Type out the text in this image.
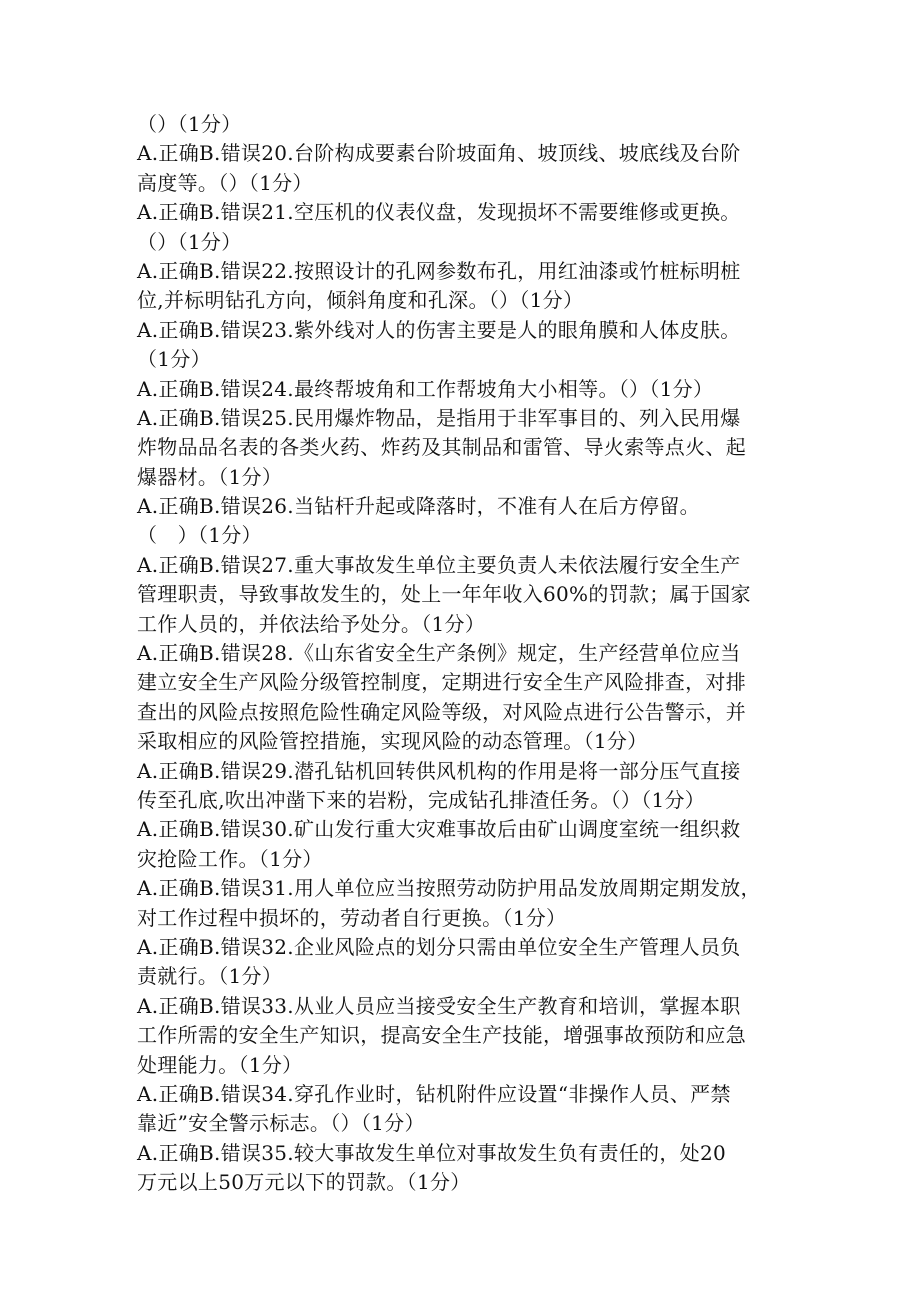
（）（1分）
A.正确B.错误20.台阶构成要素台阶坡面角、坡顶线、坡底线及台阶
高度等。（）（1分）
A.正确B.错误21.空压机的仪表仪盘，发现损坏不需要维修或更换。
（）（1分）
A.正确B.错误22.按照设计的孔网参数布孔，用红油漆或竹桩标明桩
位,并标明钻孔方向，倾斜角度和孔深。（）（1分）
A.正确B.错误23.紫外线对人的伤害主要是人的眼角膜和人体皮肤。
（1分）
A.正确B.错误24.最终帮坡角和工作帮坡角大小相等。（）（1分）
A.正确B.错误25.民用爆炸物品，是指用于非军事目的、列入民用爆
炸物品品名表的各类火药、炸药及其制品和雷管、导火索等点火、起
爆器材。（1分）
A.正确B.错误26.当钻杆升起或降落时，不准有人在后方停留。
（　）（1分）
A.正确B.错误27.重大事故发生单位主要负责人未依法履行安全生产
管理职责，导致事故发生的，处上一年年收入60%的罚款；属于国家
工作人员的，并依法给予处分。（1分）
A.正确B.错误28.《山东省安全生产条例》规定，生产经营单位应当
建立安全生产风险分级管控制度，定期进行安全生产风险排查，对排
查出的风险点按照危险性确定风险等级，对风险点进行公告警示，并
采取相应的风险管控措施，实现风险的动态管理。（1分）
A.正确B.错误29.潜孔钻机回转供风机构的作用是将一部分压气直接
传至孔底,吹出冲凿下来的岩粉，完成钻孔排渣任务。（）（1分）
A.正确B.错误30.矿山发行重大灾难事故后由矿山调度室统一组织救
灾抢险工作。（1分）
A.正确B.错误31.用人单位应当按照劳动防护用品发放周期定期发放，
对工作过程中损坏的，劳动者自行更换。（1分）
A.正确B.错误32.企业风险点的划分只需由单位安全生产管理人员负
责就行。（1分）
A.正确B.错误33.从业人员应当接受安全生产教育和培训，掌握本职
工作所需的安全生产知识，提高安全生产技能，增强事故预防和应急
处理能力。（1分）
A.正确B.错误34.穿孔作业时，钻机附件应设置“非操作人员、严禁
靠近”安全警示标志。（）（1分）
A.正确B.错误35.较大事故发生单位对事故发生负有责任的，处20
万元以上50万元以下的罚款。（1分）
